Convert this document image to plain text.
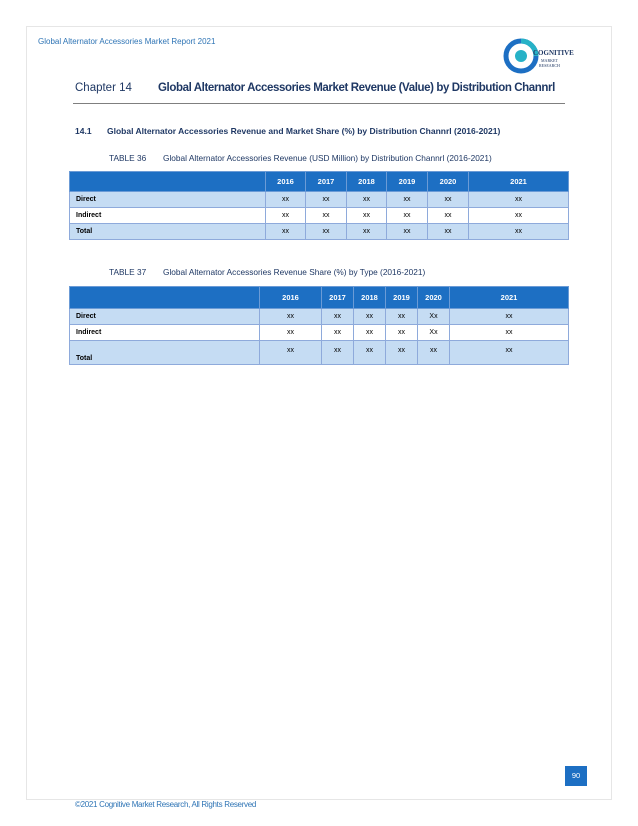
Global Alternator Accessories Market Report 2021
COGNITIVE
MARKET
RESEARCH
Chapter 14 Global Alternator Accessories Market Revenue (Value) by Distribution Channrl
14.1 Global Alternator Accessories Revenue and Market Share (%) by Distribution Channrl (2016-2021)
TABLE 36 Global Alternator Accessories Revenue (USD Million) by Distribution Channrl (2016-2021)
	2016	2017	2018	2019	2020	2021
Direct	xx	xx	xx	xx	xx	xx
Indirect	xx	xx	xx	xx	xx	xx
Total	xx	xx	xx	xx	xx	xx
TABLE 37 Global Alternator Accessories Revenue Share (%) by Type (2016-2021)
	2016	2017	2018	2019	2020	2021
Direct	xx	xx	xx	xx	Xx	xx
Indirect	xx	xx	xx	xx	Xx	xx
Total	xx	xx	xx	xx	xx	xx
90
©2021 Cognitive Market Research, All Rights Reserved
